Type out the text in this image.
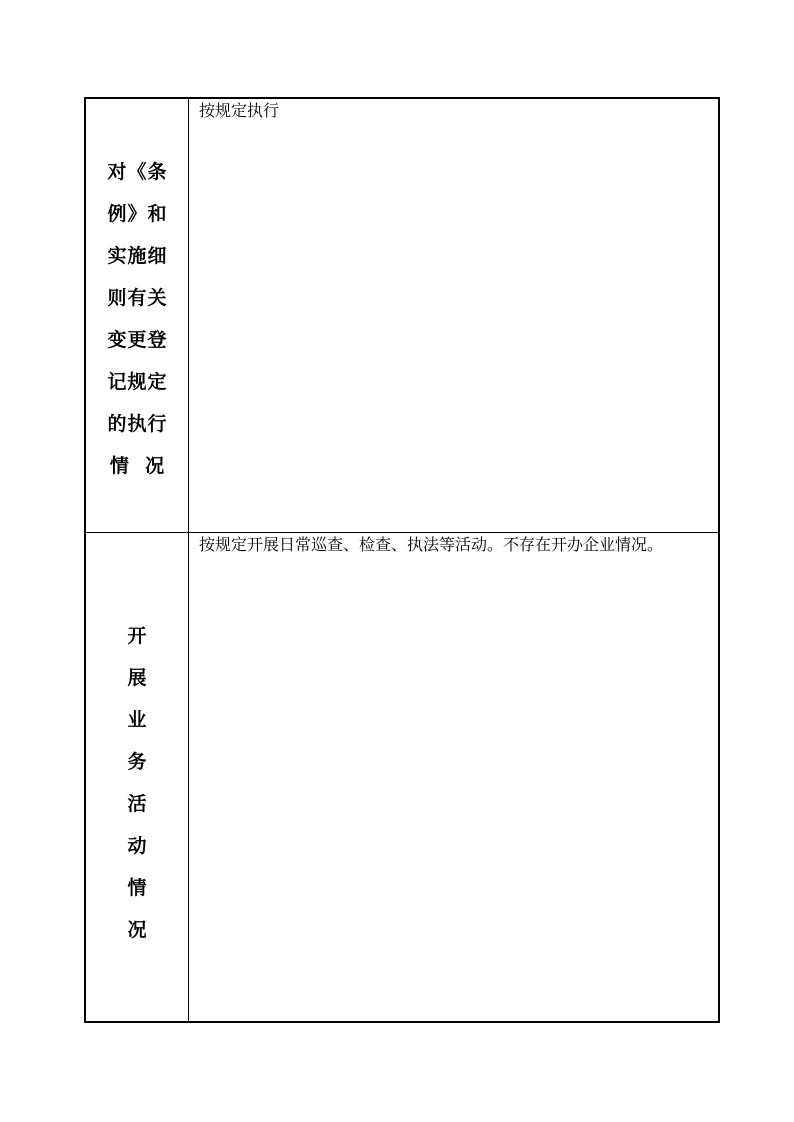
对《条
例》和
实施细
则有关
变更登
记规定
的执行
情  况
按规定执行
开
展
业
务
活
动
情
况
按规定开展日常巡查、检查、执法等活动。不存在开办企业情况。
